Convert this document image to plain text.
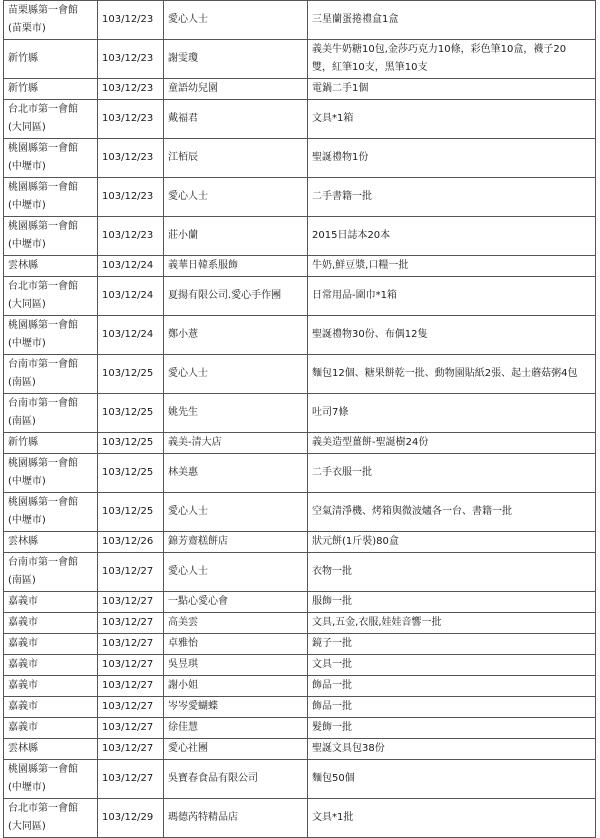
苗栗縣第一會館
(苗栗市)	103/12/23	愛心人士	三星蘭蛋捲禮盒1盒

新竹縣	103/12/23	謝雯瓊	義美牛奶糖10包,金莎巧克力10條，彩色筆10盒，襪子20
雙，紅筆10支，黑筆10支

新竹縣	103/12/23	童語幼兒園	電鍋二手1個

台北市第一會館
(大同區)	103/12/23	戴福君	文具*1箱

桃園縣第一會館
(中壢市)	103/12/23	江栢辰	聖誕禮物1份

桃園縣第一會館
(中壢市)	103/12/23	愛心人士	二手書籍一批

桃園縣第一會館
(中壢市)	103/12/23	莊小蘭	2015日誌本20本

雲林縣	103/12/24	義華日韓系服飾	牛奶,鮮豆漿,口糧一批

台北市第一會館
(大同區)	103/12/24	夏揚有限公司.愛心手作團	日常用品-圍巾*1箱

桃園縣第一會館
(中壢市)	103/12/24	鄭小薏	聖誕禮物30份、布偶12隻

台南市第一會館
(南區)	103/12/25	愛心人士	麵包12個、糖果餅乾一批、動物園貼紙2張、起士蘑菇粥4包

台南市第一會館
(南區)	103/12/25	姚先生	吐司7條

新竹縣	103/12/25	義美-清大店	義美造型薑餅-聖誕樹24份

桃園縣第一會館
(中壢市)	103/12/25	林美惠	二手衣服一批

桃園縣第一會館
(中壢市)	103/12/25	愛心人士	空氣清淨機、烤箱與微波爐各一台、書籍一批

雲林縣	103/12/26	錦芳齋糕餅店	狀元餅(1斤裝)80盒

台南市第一會館
(南區)	103/12/27	愛心人士	衣物一批

嘉義市	103/12/27	一點心愛心會	服飾一批

嘉義市	103/12/27	高美雲	文具,五金,衣服,娃娃音響一批

嘉義市	103/12/27	卓雅怡	鏡子一批

嘉義市	103/12/27	吳昱琪	文具一批

嘉義市	103/12/27	謝小姐	飾品一批

嘉義市	103/12/27	岑岑愛蝴蝶	飾品一批

嘉義市	103/12/27	徐佳慧	髮飾一批

雲林縣	103/12/27	愛心社團	聖誕文具包38份

桃園縣第一會館
(中壢市)	103/12/27	吳寶春食品有限公司	麵包50個

台北市第一會館
(大同區)	103/12/29	瑪德芮特精品店	文具*1批
